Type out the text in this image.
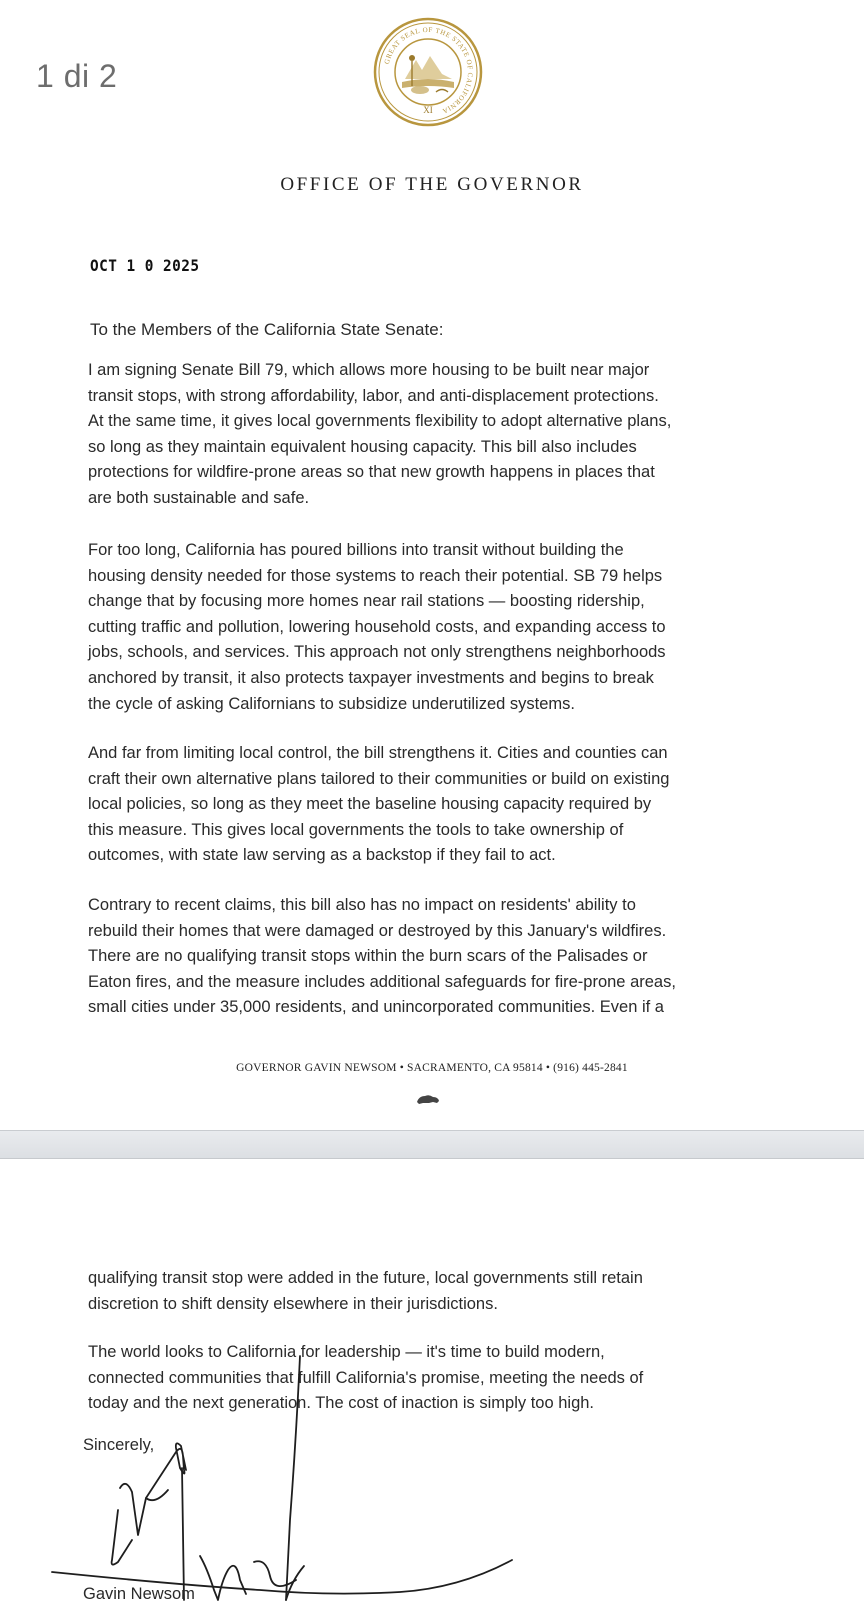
1 di 2	GREAT SEAL OF THE STATE OF CALIFORNIA
XI
OFFICE OF THE GOVERNOR
OCT 1 0 2025
To the Members of the California State Senate:
I am signing Senate Bill 79, which allows more housing to be built near major
transit stops, with strong affordability, labor, and anti-displacement protections.
At the same time, it gives local governments flexibility to adopt alternative plans,
so long as they maintain equivalent housing capacity. This bill also includes
protections for wildfire-prone areas so that new growth happens in places that
are both sustainable and safe.
For too long, California has poured billions into transit without building the
housing density needed for those systems to reach their potential. SB 79 helps
change that by focusing more homes near rail stations — boosting ridership,
cutting traffic and pollution, lowering household costs, and expanding access to
jobs, schools, and services. This approach not only strengthens neighborhoods
anchored by transit, it also protects taxpayer investments and begins to break
the cycle of asking Californians to subsidize underutilized systems.
And far from limiting local control, the bill strengthens it. Cities and counties can
craft their own alternative plans tailored to their communities or build on existing
local policies, so long as they meet the baseline housing capacity required by
this measure. This gives local governments the tools to take ownership of
outcomes, with state law serving as a backstop if they fail to act.
Contrary to recent claims, this bill also has no impact on residents' ability to
rebuild their homes that were damaged or destroyed by this January's wildfires.
There are no qualifying transit stops within the burn scars of the Palisades or
Eaton fires, and the measure includes additional safeguards for fire-prone areas,
small cities under 35,000 residents, and unincorporated communities. Even if a
GOVERNOR GAVIN NEWSOM • SACRAMENTO, CA 95814 • (916) 445-2841
qualifying transit stop were added in the future, local governments still retain
discretion to shift density elsewhere in their jurisdictions.
The world looks to California for leadership — it's time to build modern,
connected communities that fulfill California's promise, meeting the needs of
today and the next generation. The cost of inaction is simply too high.
Sincerely,
Gavin Newsom
